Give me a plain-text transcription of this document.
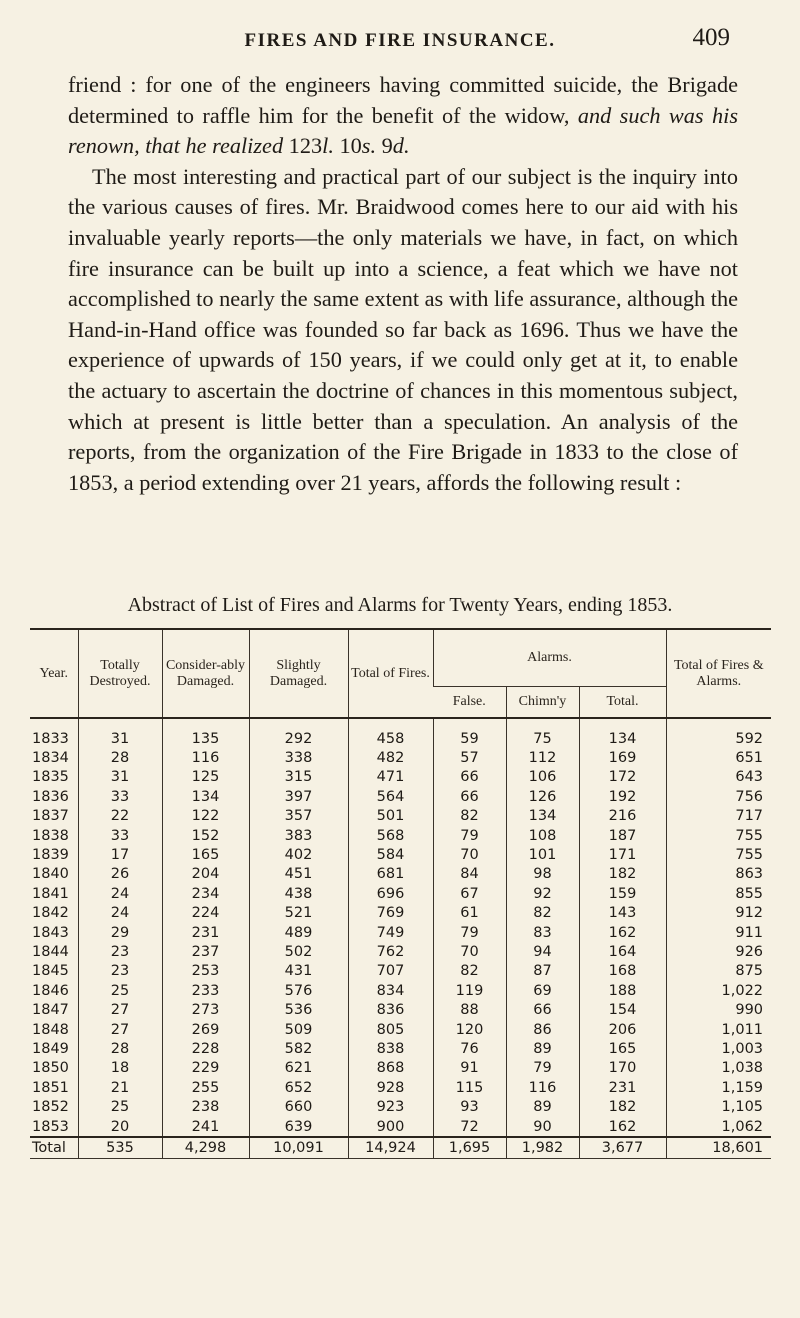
FIRES AND FIRE INSURANCE.	409

friend : for one of the engineers having committed suicide, the Brigade determined to raffle him for the benefit of the widow, and such was his renown, that he realized 123l. 10s. 9d.

The most interesting and practical part of our subject is the inquiry into the various causes of fires. Mr. Braidwood comes here to our aid with his invaluable yearly reports—the only materials we have, in fact, on which fire insurance can be built up into a science, a feat which we have not accomplished to nearly the same extent as with life assurance, although the Hand-in-Hand office was founded so far back as 1696. Thus we have the experience of upwards of 150 years, if we could only get at it, to enable the actuary to ascertain the doctrine of chances in this momentous subject, which at present is little better than a speculation. An analysis of the reports, from the organization of the Fire Brigade in 1833 to the close of 1853, a period extending over 21 years, affords the following result :

Abstract of List of Fires and Alarms for Twenty Years, ending 1853.
Year.	Totally Destroyed.	Consider-ably Damaged.	Slightly Damaged.	Total of Fires.	Alarms.			Total of Fires & Alarms.
					False.	Chimn'y	Total.	
1833	31	135	292	458	59	75	134	592
1834	28	116	338	482	57	112	169	651
1835	31	125	315	471	66	106	172	643
1836	33	134	397	564	66	126	192	756
1837	22	122	357	501	82	134	216	717
1838	33	152	383	568	79	108	187	755
1839	17	165	402	584	70	101	171	755
1840	26	204	451	681	84	98	182	863
1841	24	234	438	696	67	92	159	855
1842	24	224	521	769	61	82	143	912
1843	29	231	489	749	79	83	162	911
1844	23	237	502	762	70	94	164	926
1845	23	253	431	707	82	87	168	875
1846	25	233	576	834	119	69	188	1,022
1847	27	273	536	836	88	66	154	990
1848	27	269	509	805	120	86	206	1,011
1849	28	228	582	838	76	89	165	1,003
1850	18	229	621	868	91	79	170	1,038
1851	21	255	652	928	115	116	231	1,159
1852	25	238	660	923	93	89	182	1,105
1853	20	241	639	900	72	90	162	1,062
Total	535	4,298	10,091	14,924	1,695	1,982	3,677	18,601
